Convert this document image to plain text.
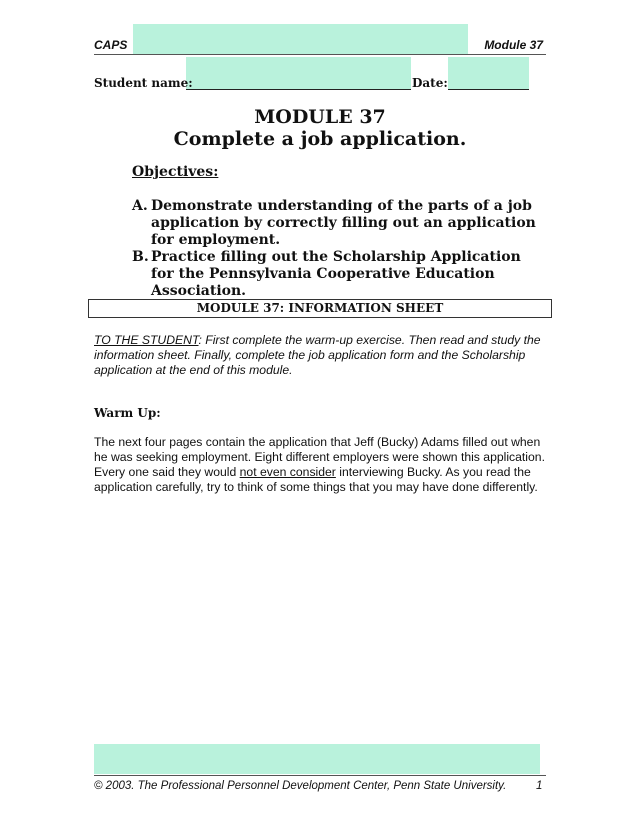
CAPS	Module 37
Student name:	Date:
MODULE 37
Complete a job application.
Objectives:
A. Demonstrate understanding of the parts of a job application by correctly filling out an application for employment.
B. Practice filling out the Scholarship Application for the Pennsylvania Cooperative Education Association.
MODULE 37: INFORMATION SHEET
TO THE STUDENT: First complete the warm-up exercise. Then read and study the information sheet. Finally, complete the job application form and the Scholarship application at the end of this module.
Warm Up:
The next four pages contain the application that Jeff (Bucky) Adams filled out when he was seeking employment. Eight different employers were shown this application. Every one said they would not even consider interviewing Bucky. As you read the application carefully, try to think of some things that you may have done differently.
© 2003. The Professional Personnel Development Center, Penn State University.	1
